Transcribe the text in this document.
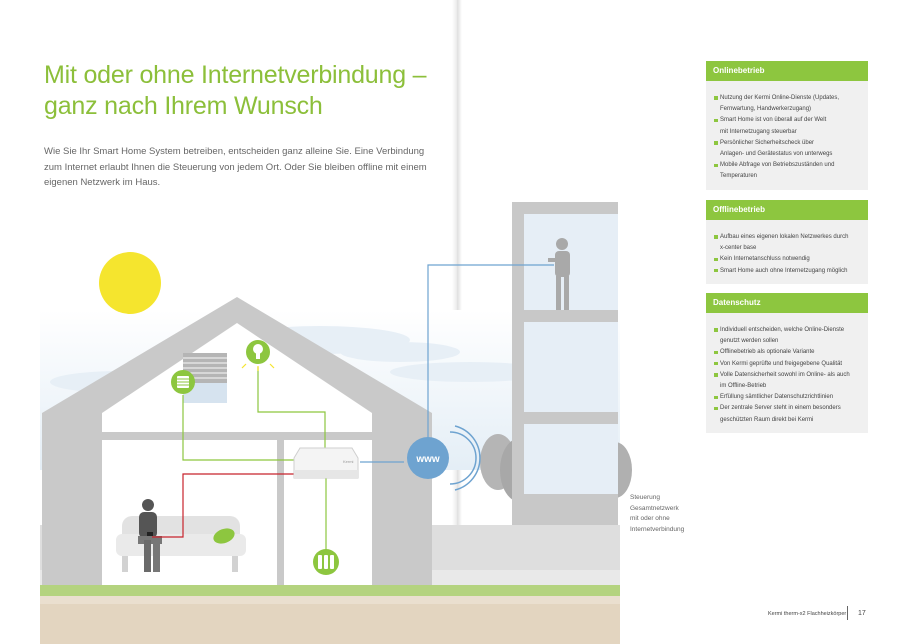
Mit oder ohne Internetverbindung –
ganz nach Ihrem Wunsch

Wie Sie Ihr Smart Home System betreiben, entscheiden ganz alleine Sie. Eine Verbindung
zum Internet erlaubt Ihnen die Steuerung von jedem Ort. Oder Sie bleiben offline mit einem
eigenen Netzwerk im Haus.

Kermi	www
Steuerung
Gesamtnetzwerk
mit oder ohne
Internetverbindung
Onlinebetrieb
Nutzung der Kermi Online-Dienste (Updates,
Fernwartung, Handwerkerzugang)
Smart Home ist von überall auf der Welt
mit Internetzugang steuerbar
Persönlicher Sicherheitscheck über
Anlagen- und Gerätestatus von unterwegs
Mobile Abfrage von Betriebszuständen und
Temperaturen
Offlinebetrieb
Aufbau eines eigenen lokalen Netzwerkes durch
x-center base
Kein Internetanschluss notwendig
Smart Home auch ohne Internetzugang möglich
Datenschutz
Individuell entscheiden, welche Online-Dienste
genutzt werden sollen
Offlinebetrieb als optionale Variante
Von Kermi geprüfte und freigegebene Qualität
Volle Datensicherheit sowohl im Online- als auch
im Offline-Betrieb
Erfüllung sämtlicher Datenschutzrichtlinien
Der zentrale Server steht in einem besonders
geschützten Raum direkt bei Kermi
Kermi therm-x2 Flachheizkörper 17
